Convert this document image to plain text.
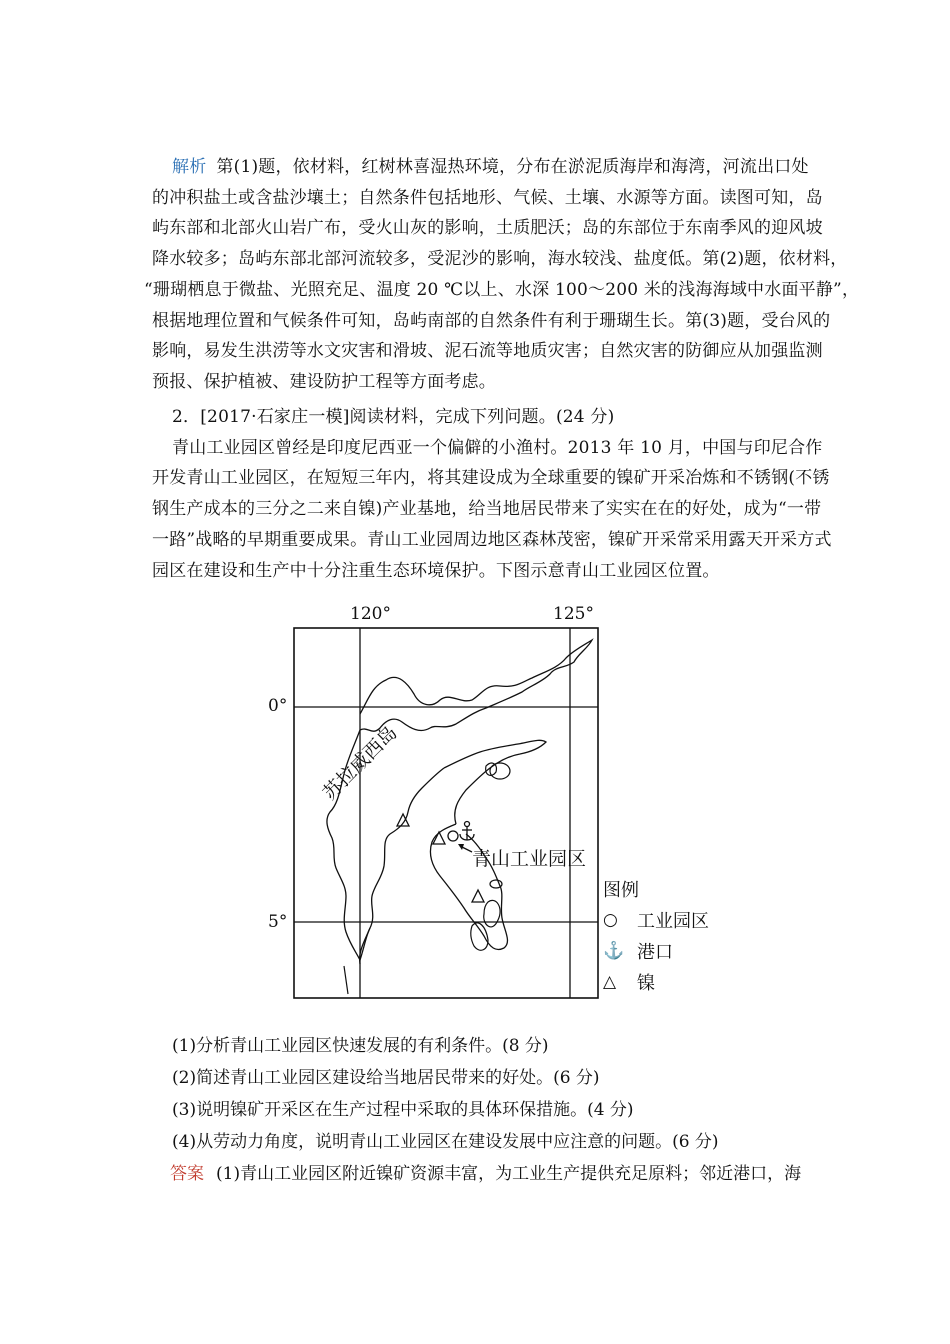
解析 第(1)题，依材料，红树林喜湿热环境，分布在淤泥质海岸和海湾，河流出口处
的冲积盐土或含盐沙壤土；自然条件包括地形、气候、土壤、水源等方面。读图可知，岛
屿东部和北部火山岩广布，受火山灰的影响，土质肥沃；岛的东部位于东南季风的迎风坡
降水较多；岛屿东部北部河流较多，受泥沙的影响，海水较浅、盐度低。第(2)题，依材料，
“珊瑚栖息于微盐、光照充足、温度 20 ℃以上、水深 100～200 米的浅海海域中水面平静”，
根据地理位置和气候条件可知，岛屿南部的自然条件有利于珊瑚生长。第(3)题，受台风的
影响，易发生洪涝等水文灾害和滑坡、泥石流等地质灾害；自然灾害的防御应从加强监测
预报、保护植被、建设防护工程等方面考虑。
2．[2017·石家庄一模]阅读材料，完成下列问题。(24 分)
青山工业园区曾经是印度尼西亚一个偏僻的小渔村。2013 年 10 月，中国与印尼合作
开发青山工业园区，在短短三年内，将其建设成为全球重要的镍矿开采冶炼和不锈钢(不锈
钢生产成本的三分之二来自镍)产业基地，给当地居民带来了实实在在的好处，成为“一带
一路”战略的早期重要成果。青山工业园周边地区森林茂密，镍矿开采常采用露天开采方式
园区在建设和生产中十分注重生态环境保护。下图示意青山工业园区位置。
120°	125°
0°
5°
苏拉威西岛
青山工业园区
图例
○	工业园区
⚓ 港口
△	镍
(1)分析青山工业园区快速发展的有利条件。(8 分)
(2)简述青山工业园区建设给当地居民带来的好处。(6 分)
(3)说明镍矿开采区在生产过程中采取的具体环保措施。(4 分)
(4)从劳动力角度，说明青山工业园区在建设发展中应注意的问题。(6 分)
答案 (1)青山工业园区附近镍矿资源丰富，为工业生产提供充足原料；邻近港口，海
